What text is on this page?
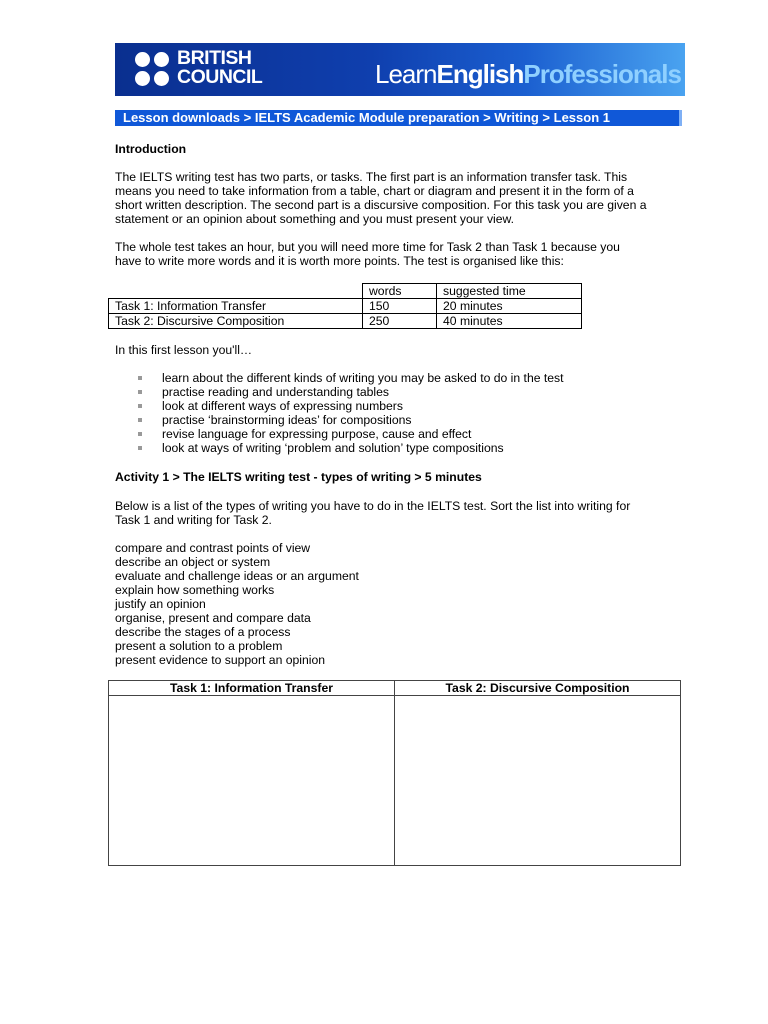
BRITISH
COUNCIL	LearnEnglishProfessionals
Lesson downloads > IELTS Academic Module preparation > Writing > Lesson 1
Introduction

The IELTS writing test has two parts, or tasks. The first part is an information transfer task. This

means you need to take information from a table, chart or diagram and present it in the form of a

short written description. The second part is a discursive composition. For this task you are given a

statement or an opinion about something and you must present your view.

The whole test takes an hour, but you will need more time for Task 2 than Task 1 because you

have to write more words and it is worth more points. The test is organised like this:

	words	suggested time
Task 1: Information Transfer	150	20 minutes
Task 2: Discursive Composition	250	40 minutes
In this first lesson you'll…
learn about the different kinds of writing you may be asked to do in the test
practise reading and understanding tables
look at different ways of expressing numbers
practise ‘brainstorming ideas’ for compositions
revise language for expressing purpose, cause and effect
look at ways of writing ‘problem and solution’ type compositions
Activity 1 > The IELTS writing test - types of writing > 5 minutes

Below is a list of the types of writing you have to do in the IELTS test. Sort the list into writing for

Task 1 and writing for Task 2.

compare and contrast points of view

describe an object or system

evaluate and challenge ideas or an argument

explain how something works

justify an opinion

organise, present and compare data

describe the stages of a process

present a solution to a problem

present evidence to support an opinion

Task 1: Information Transfer	Task 2: Discursive Composition
